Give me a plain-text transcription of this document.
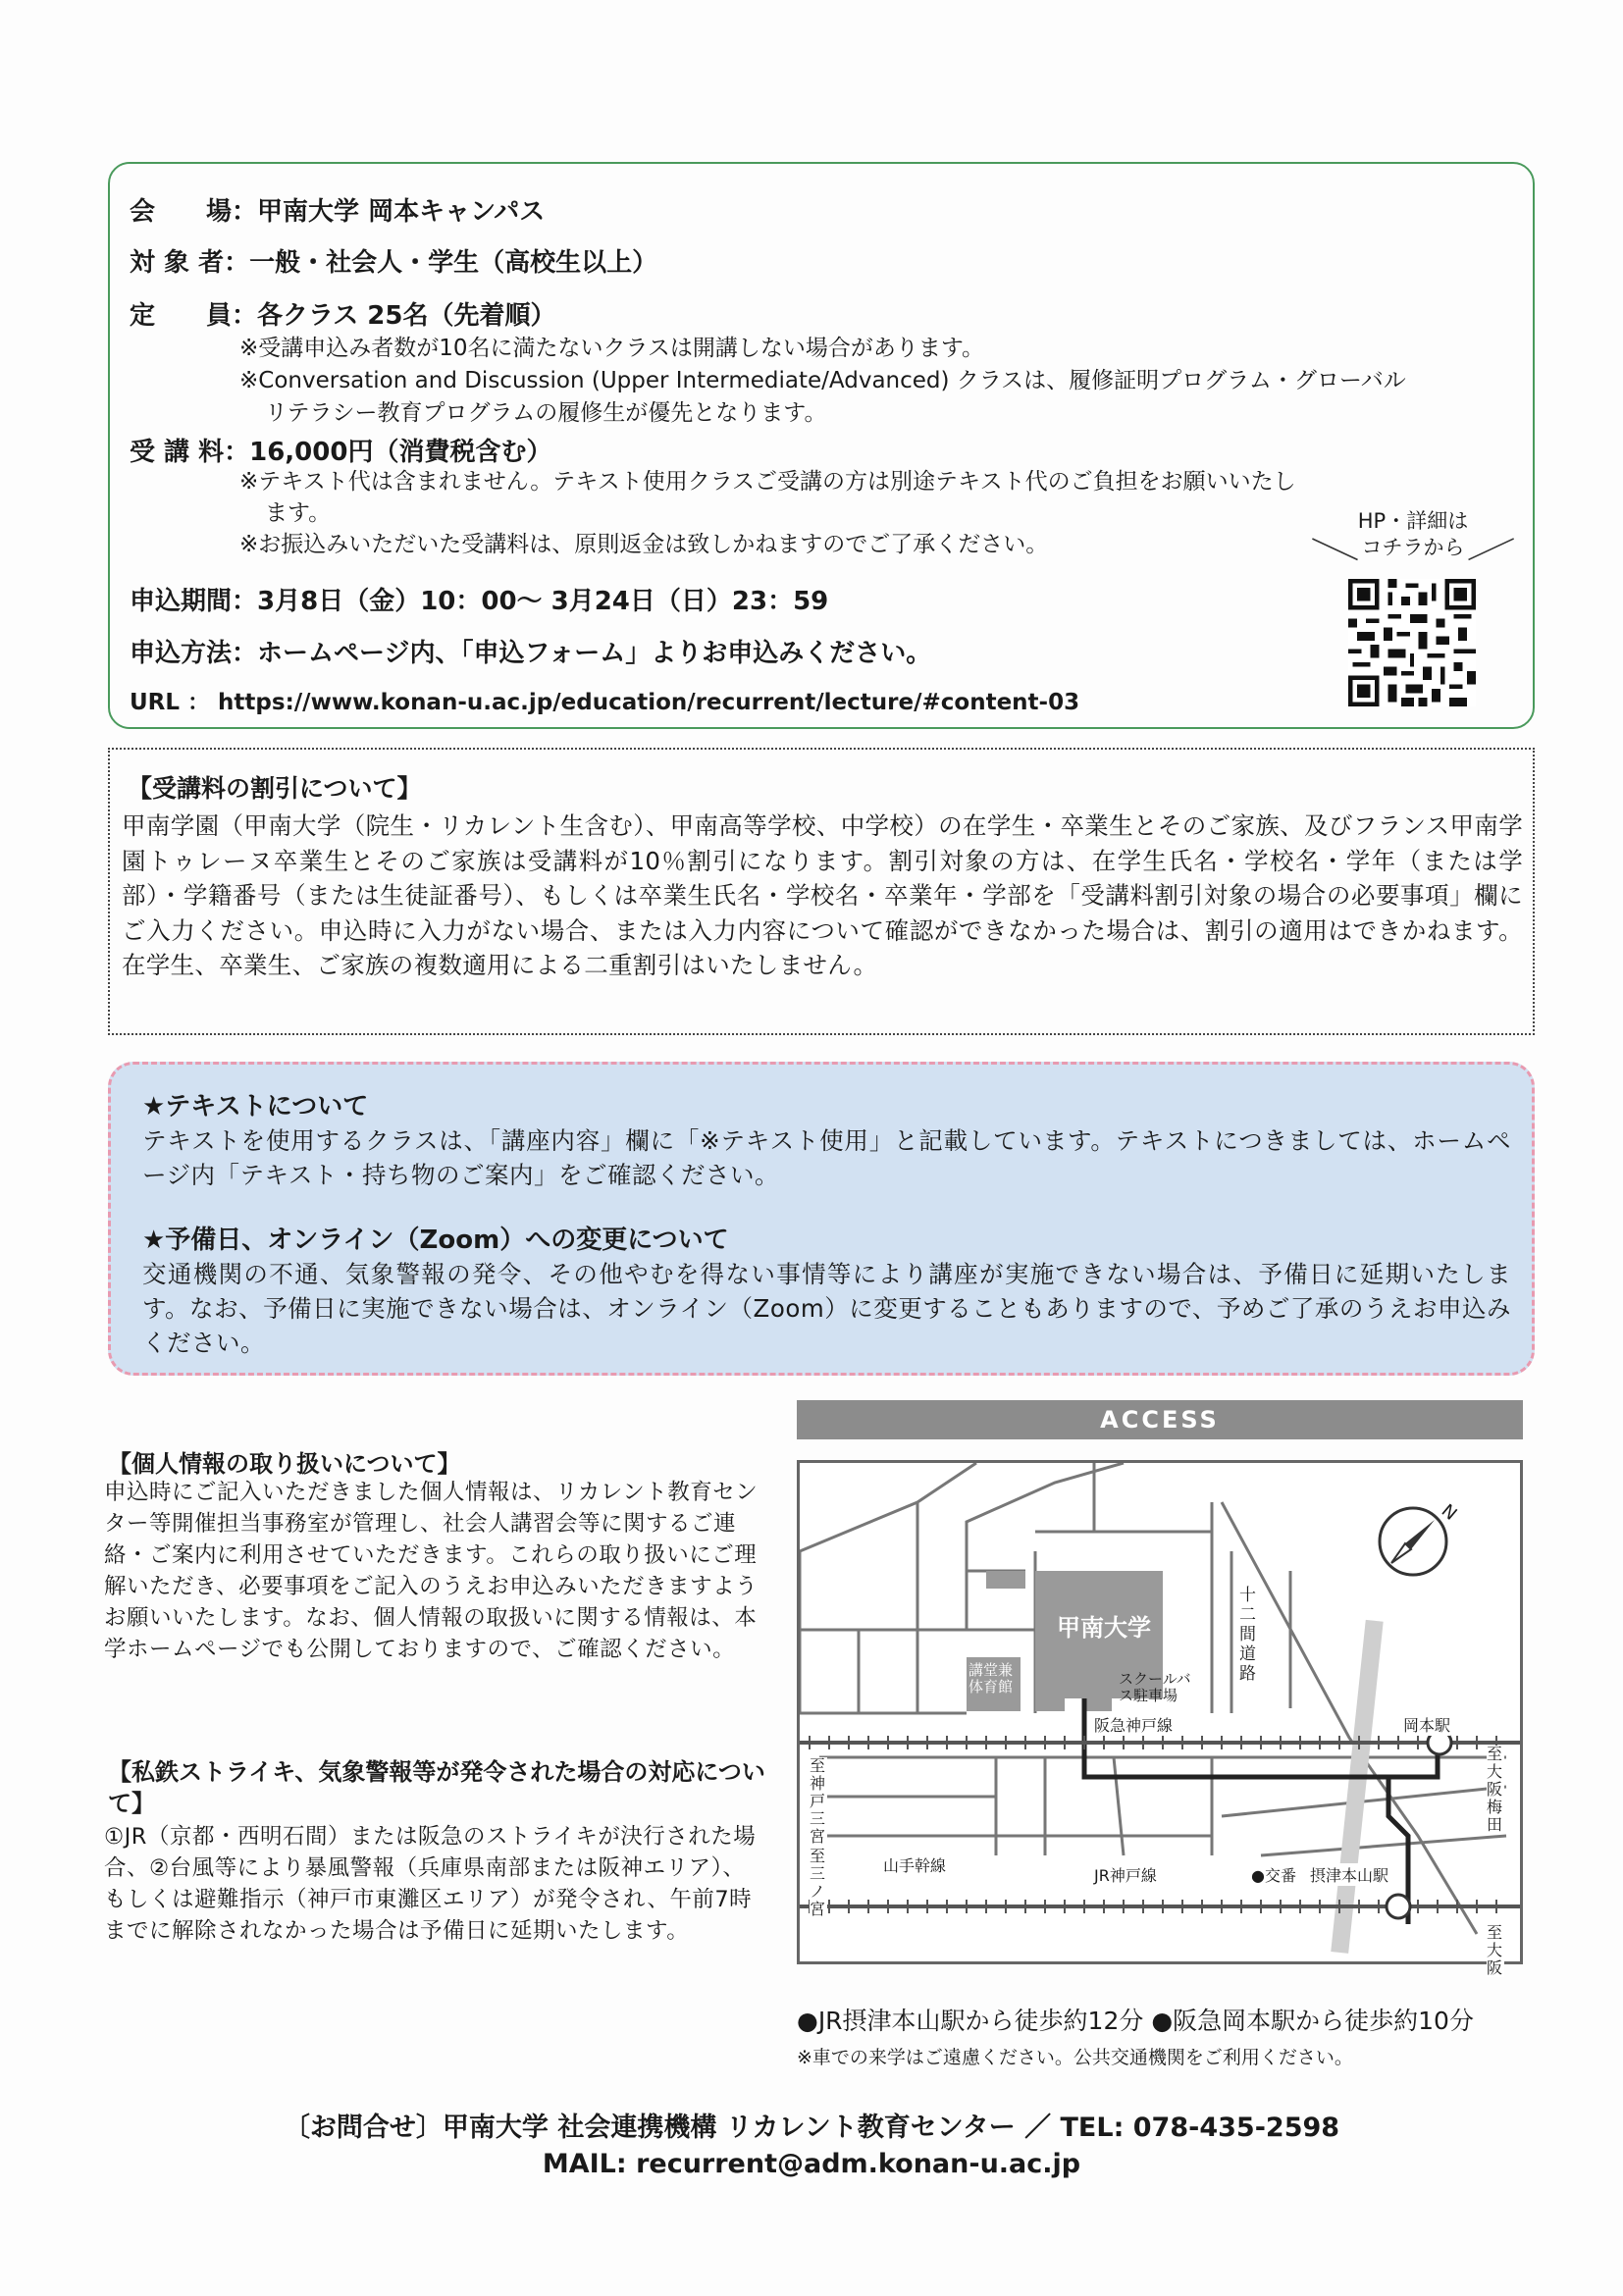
会　　場：甲南大学 岡本キャンパス
対 象 者：一般・社会人・学生（高校生以上）
定　　員：各クラス 25名（先着順）
※受講申込み者数が10名に満たないクラスは開講しない場合があります。
※Conversation and Discussion (Upper Intermediate/Advanced) クラスは、履修証明プログラム・グローバル
リテラシー教育プログラムの履修生が優先となります。
受 講 料：16,000円（消費税含む）
※テキスト代は含まれません。テキスト使用クラスご受講の方は別途テキスト代のご負担をお願いいたし
ます。
※お振込みいただいた受講料は、原則返金は致しかねますのでご了承ください。
申込期間：3月8日（金）10：00～ 3月24日（日）23：59
申込方法：ホームページ内、「申込フォーム」よりお申込みください。
URL ： https://www.konan-u.ac.jp/education/recurrent/lecture/#content-03
HP・詳細は
コチラから
＼	／
【受講料の割引について】
甲南学園（甲南大学（院生・リカレント生含む）、甲南高等学校、中学校）の在学生・卒業生とそのご家族、及びフランス甲南学園トゥレーヌ卒業生とそのご家族は受講料が10％割引になります。割引対象の方は、在学生氏名・学校名・学年（または学部）・学籍番号（または生徒証番号）、もしくは卒業生氏名・学校名・卒業年・学部を「受講料割引対象の場合の必要事項」欄にご入力ください。申込時に入力がない場合、または入力内容について確認ができなかった場合は、割引の適用はできかねます。在学生、卒業生、ご家族の複数適用による二重割引はいたしません。
★テキストについて
テキストを使用するクラスは、「講座内容」欄に「※テキスト使用」と記載しています。テキストにつきましては、ホームページ内「テキスト・持ち物のご案内」をご確認ください。
★予備日、オンライン（Zoom）への変更について
交通機関の不通、気象警報の発令、その他やむを得ない事情等により講座が実施できない場合は、予備日に延期いたします。なお、予備日に実施できない場合は、オンライン（Zoom）に変更することもありますので、予めご了承のうえお申込みください。
【個人情報の取り扱いについて】
申込時にご記入いただきました個人情報は、リカレント教育センター等開催担当事務室が管理し、社会人講習会等に関するご連絡・ご案内に利用させていただきます。これらの取り扱いにご理解いただき、必要事項をご記入のうえお申込みいただきますようお願いいたします。なお、個人情報の取扱いに関する情報は、本学ホームページでも公開しておりますので、ご確認ください。
【私鉄ストライキ、気象警報等が発令された場合の対応について】
①JR（京都・西明石間）または阪急のストライキが決行された場合、②台風等により暴風警報（兵庫県南部または阪神エリア）、もしくは避難指示（神戸市東灘区エリア）が発令され、午前7時までに解除されなかった場合は予備日に延期いたします。
ACCESS
甲南大学
講堂兼体育館	スクールバス駐車場
十二間道路
阪急神戸線
山手幹線
JR神戸線	●交番
岡本駅
摂津本山駅
至神戸三宮
至三ノ宮
至大阪梅田
至大阪
N
●JR摂津本山駅から徒歩約12分 ●阪急岡本駅から徒歩約10分
※車での来学はご遠慮ください。公共交通機関をご利用ください。
〔お問合せ〕甲南大学 社会連携機構 リカレント教育センター ／ TEL: 078-435-2598
MAIL: recurrent@adm.konan-u.ac.jp
